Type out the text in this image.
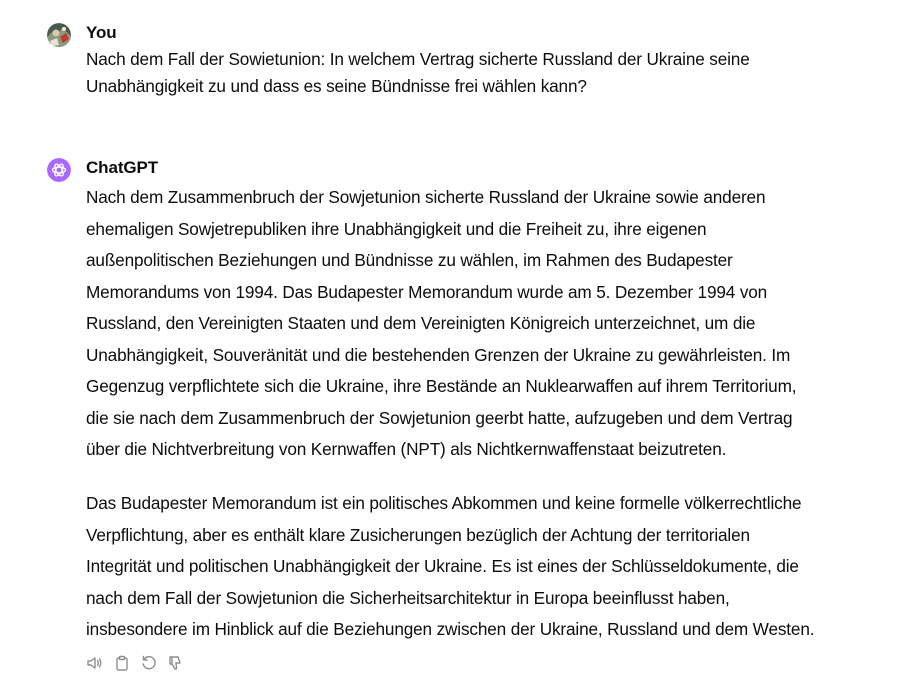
You
Nach dem Fall der Sowietunion: In welchem Vertrag sicherte Russland der Ukraine seine
Unabhängigkeit zu und dass es seine Bündnisse frei wählen kann?
ChatGPT
Nach dem Zusammenbruch der Sowjetunion sicherte Russland der Ukraine sowie anderen
ehemaligen Sowjetrepubliken ihre Unabhängigkeit und die Freiheit zu, ihre eigenen
außenpolitischen Beziehungen und Bündnisse zu wählen, im Rahmen des Budapester
Memorandums von 1994. Das Budapester Memorandum wurde am 5. Dezember 1994 von
Russland, den Vereinigten Staaten und dem Vereinigten Königreich unterzeichnet, um die
Unabhängigkeit, Souveränität und die bestehenden Grenzen der Ukraine zu gewährleisten. Im
Gegenzug verpflichtete sich die Ukraine, ihre Bestände an Nuklearwaffen auf ihrem Territorium,
die sie nach dem Zusammenbruch der Sowjetunion geerbt hatte, aufzugeben und dem Vertrag
über die Nichtverbreitung von Kernwaffen (NPT) als Nichtkernwaffenstaat beizutreten.
Das Budapester Memorandum ist ein politisches Abkommen und keine formelle völkerrechtliche
Verpflichtung, aber es enthält klare Zusicherungen bezüglich der Achtung der territorialen
Integrität und politischen Unabhängigkeit der Ukraine. Es ist eines der Schlüsseldokumente, die
nach dem Fall der Sowjetunion die Sicherheitsarchitektur in Europa beeinflusst haben,
insbesondere im Hinblick auf die Beziehungen zwischen der Ukraine, Russland und dem Westen.
